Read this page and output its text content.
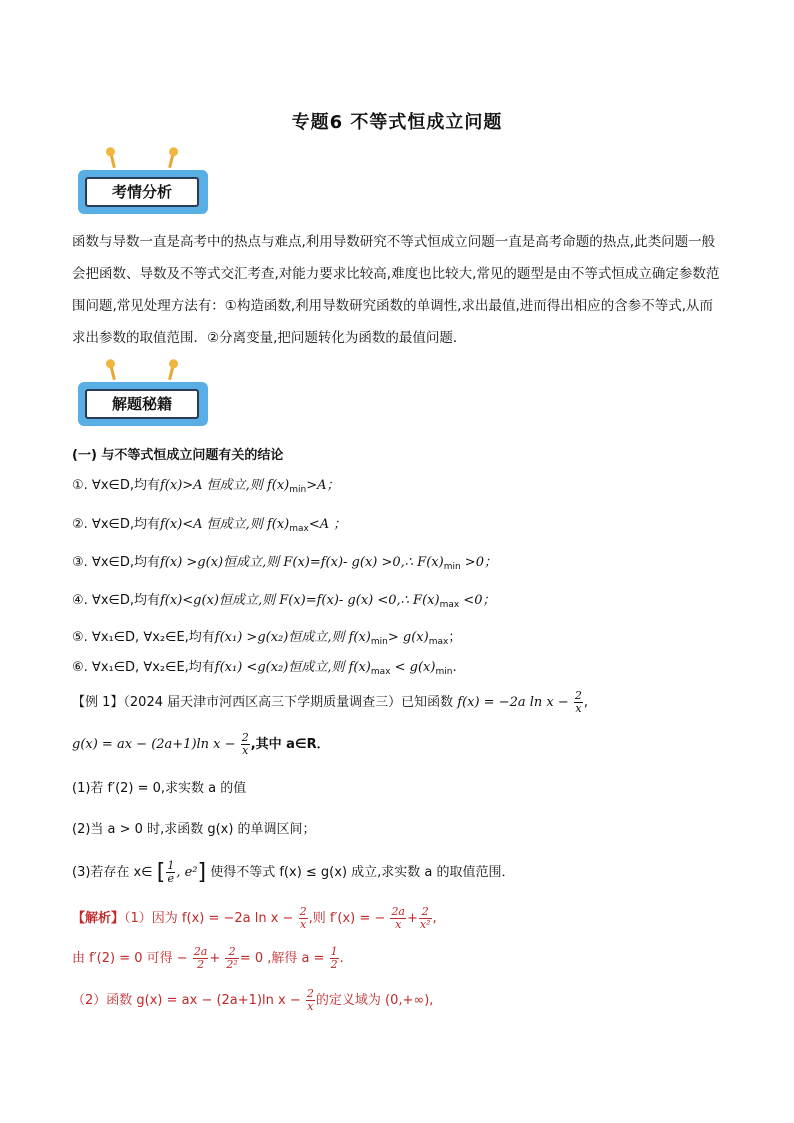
专题6 不等式恒成立问题
考情分析
函数与导数一直是高考中的热点与难点,利用导数研究不等式恒成立问题一直是高考命题的热点,此类问题一般会把函数、导数及不等式交汇考查,对能力要求比较高,难度也比较大,常见的题型是由不等式恒成立确定参数范围问题,常见处理方法有：①构造函数,利用导数研究函数的单调性,求出最值,进而得出相应的含参不等式,从而求出参数的取值范围．②分离变量,把问题转化为函数的最值问题．
解题秘籍
(一) 与不等式恒成立问题有关的结论
①. ∀x∈D,均有f(x)>A 恒成立,则 $f(x)_{min}>A$；
②. ∀x∈D,均有f(x)<A 恒成立,则 $f(x)_{max}<A$ ；
③. ∀x∈D,均有f(x) >g(x)恒成立,则 F(x)=f(x)- g(x) >0,∴ $F(x)_{min} >0$；
④. ∀x∈D,均有f(x)<g(x)恒成立,则 F(x)=f(x)- g(x) <0,∴ $F(x)_{max} <0$；
⑤. ∀x₁∈D, ∀x₂∈E,均有f(x₁) >g(x₂)恒成立,则 $f(x)_{min}> g(x)_{max}$；
⑥. ∀x₁∈D, ∀x₂∈E,均有f(x₁) <g(x₂)恒成立,则 $f(x)_{max} < g(x)_{min}$.
【例 1】（2024 届天津市河西区高三下学期质量调查三）已知函数 f(x) = −2a $\ln x - \frac{2}{x}$ ,
g(x) = ax − (2a+1)ln $x - \frac{2}{x}$ ,其中 a∈R．
(1)若 f′(2) = 0,求实数 a 的值
(2)当 a > 0 时,求函数 g(x) 的单调区间；
(3)若存在 x∈ [ $\frac{1}{e}$ , e²] 使得不等式 f(x) ≤ g(x) 成立,求实数 a 的取值范围．
【解析】（1）因为 f(x) = −2a $\ln x - \frac{2}{x}$ ,则 f′(x) = − $\frac{2a}{x} + \frac{2}{\text{x²}}$ ,
由 f′(2) = 0 可得 − $\frac{2a}{2} + \frac{2}{\text{2²}} = 0$ ,解得 $a = \frac{1}{2}$ .
（2）函数 g(x) = ax − (2a+1)ln $x - \frac{2}{x}$ 的定义域为 (0,+∞),
